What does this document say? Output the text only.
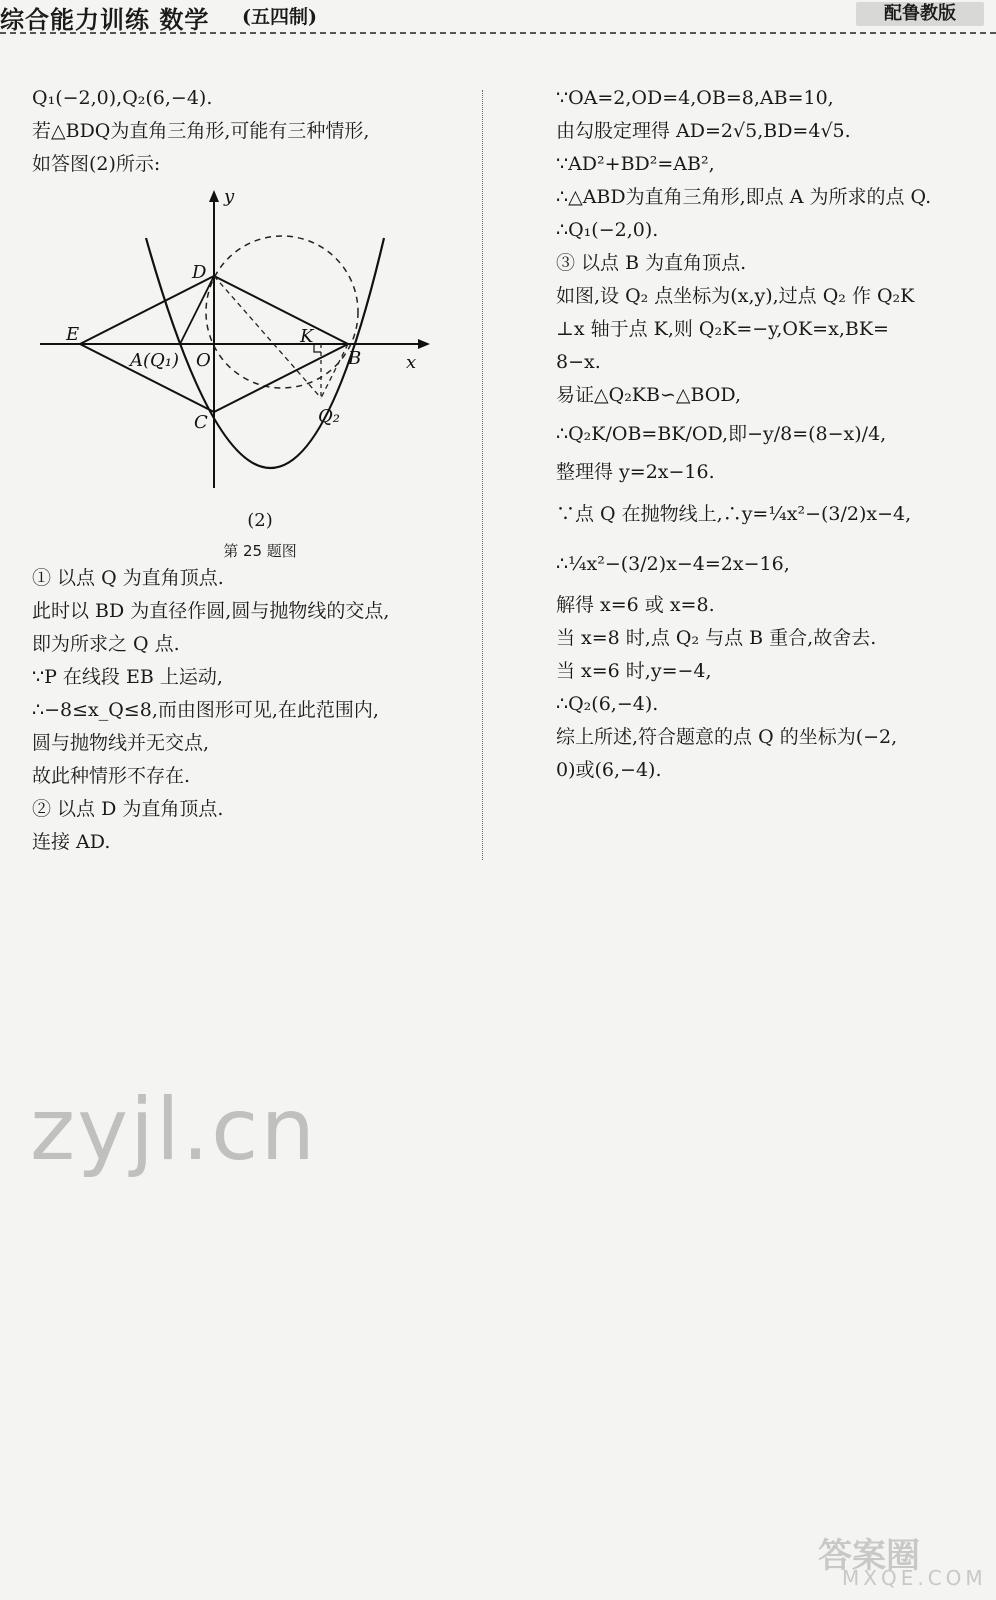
综合能力训练 数学 (五四制)	配鲁教版
Q₁(−2,0),Q₂(6,−4).
若△BDQ为直角三角形,可能有三种情形,
如答图(2)所示:
y
x
D
E
A(Q₁) O
K
B
C	Q₂
(2)
第 25 题图
① 以点 Q 为直角顶点.
此时以 BD 为直径作圆,圆与抛物线的交点,
即为所求之 Q 点.
∵P 在线段 EB 上运动,
∴−8≤x_Q≤8,而由图形可见,在此范围内,
圆与抛物线并无交点,
故此种情形不存在.
② 以点 D 为直角顶点.
连接 AD.
∵OA=2,OD=4,OB=8,AB=10,
由勾股定理得 AD=2√5,BD=4√5.
∵AD²+BD²=AB²,
∴△ABD为直角三角形,即点 A 为所求的点 Q.
∴Q₁(−2,0).
③ 以点 B 为直角顶点.
如图,设 Q₂ 点坐标为(x,y),过点 Q₂ 作 Q₂K
⊥x 轴于点 K,则 Q₂K=−y,OK=x,BK=
8−x.
易证△Q₂KB∽△BOD,
∴Q₂K/OB=BK/OD,即−y/8=(8−x)/4,
整理得 y=2x−16.
∵点 Q 在抛物线上,∴y=¼x²−(3/2)x−4,
∴¼x²−(3/2)x−4=2x−16,
解得 x=6 或 x=8.
当 x=8 时,点 Q₂ 与点 B 重合,故舍去.
当 x=6 时,y=−4,
∴Q₂(6,−4).
综上所述,符合题意的点 Q 的坐标为(−2,
0)或(6,−4).
zyjl.cn
答案圈
MXQE.COM
